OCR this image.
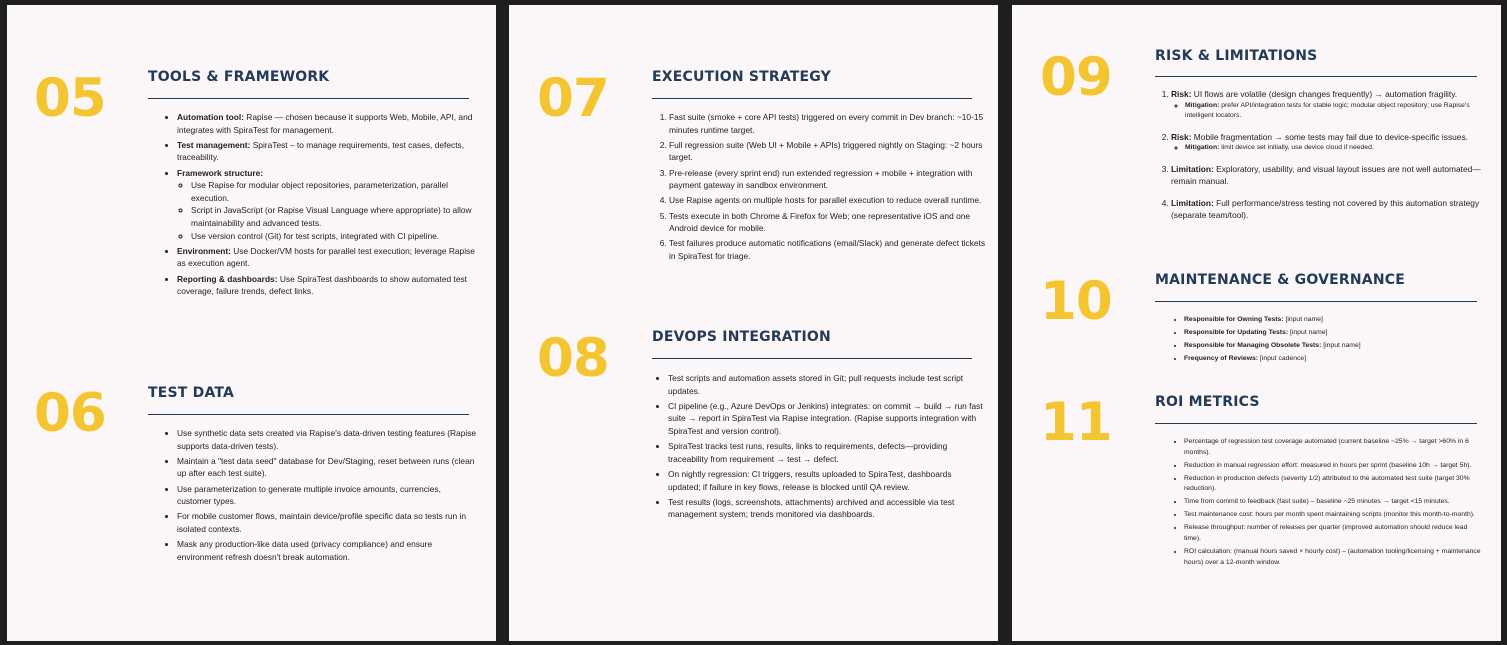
05	TOOLS & FRAMEWORK
• Automation tool: Rapise — chosen because it supports Web, Mobile, API, and integrates with SpiraTest for management.
• Test management: SpiraTest – to manage requirements, test cases, defects, traceability.
• Framework structure:
◦ Use Rapise for modular object repositories, parameterization, parallel execution.
◦ Script in JavaScript (or Rapise Visual Language where appropriate) to allow maintainability and advanced tests.
◦ Use version control (Git) for test scripts, integrated with CI pipeline.
• Environment: Use Docker/VM hosts for parallel test execution; leverage Rapise as execution agent.
• Reporting & dashboards: Use SpiraTest dashboards to show automated test coverage, failure trends, defect links.
06	TEST DATA
• Use synthetic data sets created via Rapise's data-driven testing features (Rapise supports data-driven tests).
• Maintain a "test data seed" database for Dev/Staging, reset between runs (clean up after each test suite).
• Use parameterization to generate multiple invoice amounts, currencies, customer types.
• For mobile customer flows, maintain device/profile specific data so tests run in isolated contexts.
• Mask any production-like data used (privacy compliance) and ensure environment refresh doesn't break automation.
07	EXECUTION STRATEGY
1. Fast suite (smoke + core API tests) triggered on every commit in Dev branch: ~10-15 minutes runtime target.
2. Full regression suite (Web UI + Mobile + APIs) triggered nightly on Staging: ~2 hours target.
3. Pre-release (every sprint end) run extended regression + mobile + integration with payment gateway in sandbox environment.
4. Use Rapise agents on multiple hosts for parallel execution to reduce overall runtime.
5. Tests execute in both Chrome & Firefox for Web; one representative iOS and one Android device for mobile.
6. Test failures produce automatic notifications (email/Slack) and generate defect tickets in SpiraTest for triage.
08	DEVOPS INTEGRATION
• Test scripts and automation assets stored in Git; pull requests include test script updates.
• CI pipeline (e.g., Azure DevOps or Jenkins) integrates: on commit → build → run fast suite → report in SpiraTest via Rapise integration. (Rapise supports integration with SpiraTest and version control).
• SpiraTest tracks test runs, results, links to requirements, defects—providing traceability from requirement → test → defect.
• On nightly regression: CI triggers, results uploaded to SpiraTest, dashboards updated; if failure in key flows, release is blocked until QA review.
• Test results (logs, screenshots, attachments) archived and accessible via test management system; trends monitored via dashboards.
09	RISK & LIMITATIONS
1. Risk: UI flows are volatile (design changes frequently) → automation fragility.
◦ Mitigation: prefer API/integration tests for stable logic; modular object repository; use Rapise's intelligent locators.
2. Risk: Mobile fragmentation → some tests may fail due to device-specific issues.
◦ Mitigation: limit device set initially, use device cloud if needed.
3. Limitation: Exploratory, usability, and visual layout issues are not well automated—remain manual.
4. Limitation: Full performance/stress testing not covered by this automation strategy (separate team/tool).
10	MAINTENANCE & GOVERNANCE
• Responsible for Owning Tests: [input name]
• Responsible for Updating Tests: [input name]
• Responsible for Managing Obsolete Tests: [input name]
• Frequency of Reviews: [input cadence]
11	ROI METRICS
• Percentage of regression test coverage automated (current baseline ~25% → target >60% in 6 months).
• Reduction in manual regression effort: measured in hours per sprint (baseline 10h → target 5h).
• Reduction in production defects (severity 1/2) attributed to the automated test suite (target 30% reduction).
• Time from commit to feedback (fast suite) – baseline ~25 minutes → target <15 minutes.
• Test maintenance cost: hours per month spent maintaining scripts (monitor this month-to-month).
• Release throughput: number of releases per quarter (improved automation should reduce lead time).
• ROI calculation: (manual hours saved × hourly cost) – (automation tooling/licensing + maintenance hours) over a 12-month window.
